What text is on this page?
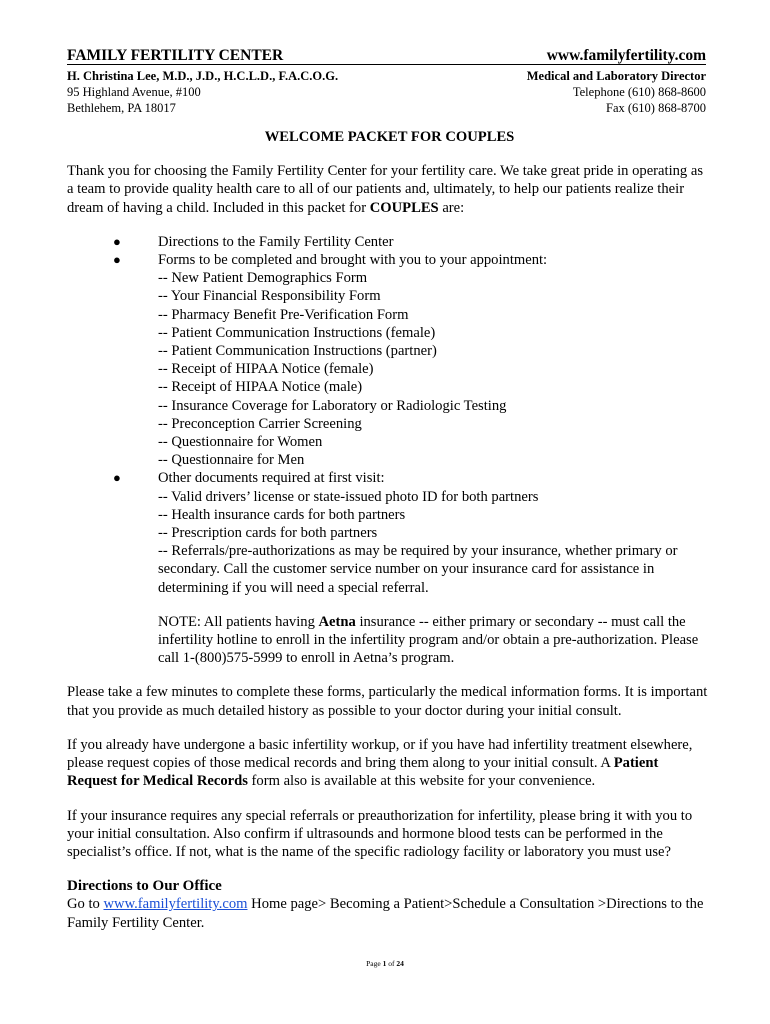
FAMILY FERTILITY CENTER
H. Christina Lee, M.D., J.D., H.C.L.D., F.A.C.O.G.
95 Highland Avenue, #100
Bethlehem, PA 18017
www.familyfertility.com
Medical and Laboratory Director
Telephone (610) 868-8600
Fax (610) 868-8700
WELCOME PACKET FOR COUPLES

Thank you for choosing the Family Fertility Center for your fertility care. We take great pride in operating as a team to provide quality health care to all of our patients and, ultimately, to help our patients realize their dream of having a child. Included in this packet for COUPLES are:

●	Directions to the Family Fertility Center
●	Forms to be completed and brought with you to your appointment:
-- New Patient Demographics Form
-- Your Financial Responsibility Form
-- Pharmacy Benefit Pre-Verification Form
-- Patient Communication Instructions (female)
-- Patient Communication Instructions (partner)
-- Receipt of HIPAA Notice (female)
-- Receipt of HIPAA Notice (male)
-- Insurance Coverage for Laboratory or Radiologic Testing
-- Preconception Carrier Screening
-- Questionnaire for Women
-- Questionnaire for Men
●	Other documents required at first visit:
-- Valid drivers’ license or state-issued photo ID for both partners
-- Health insurance cards for both partners
-- Prescription cards for both partners
-- Referrals/pre-authorizations as may be required by your insurance, whether primary or secondary. Call the customer service number on your insurance card for assistance in determining if you will need a special referral.

NOTE: All patients having Aetna insurance -- either primary or secondary -- must call the infertility hotline to enroll in the infertility program and/or obtain a pre-authorization. Please call 1-(800)575-5999 to enroll in Aetna’s program.

Please take a few minutes to complete these forms, particularly the medical information forms. It is important that you provide as much detailed history as possible to your doctor during your initial consult.

If you already have undergone a basic infertility workup, or if you have had infertility treatment elsewhere, please request copies of those medical records and bring them along to your initial consult. A Patient Request for Medical Records form also is available at this website for your convenience.

If your insurance requires any special referrals or preauthorization for infertility, please bring it with you to your initial consultation. Also confirm if ultrasounds and hormone blood tests can be performed in the specialist’s office. If not, what is the name of the specific radiology facility or laboratory you must use?

Directions to Our Office

Go to www.familyfertility.com Home page> Becoming a Patient>Schedule a Consultation >Directions to the Family Fertility Center.

Page 1 of 24
